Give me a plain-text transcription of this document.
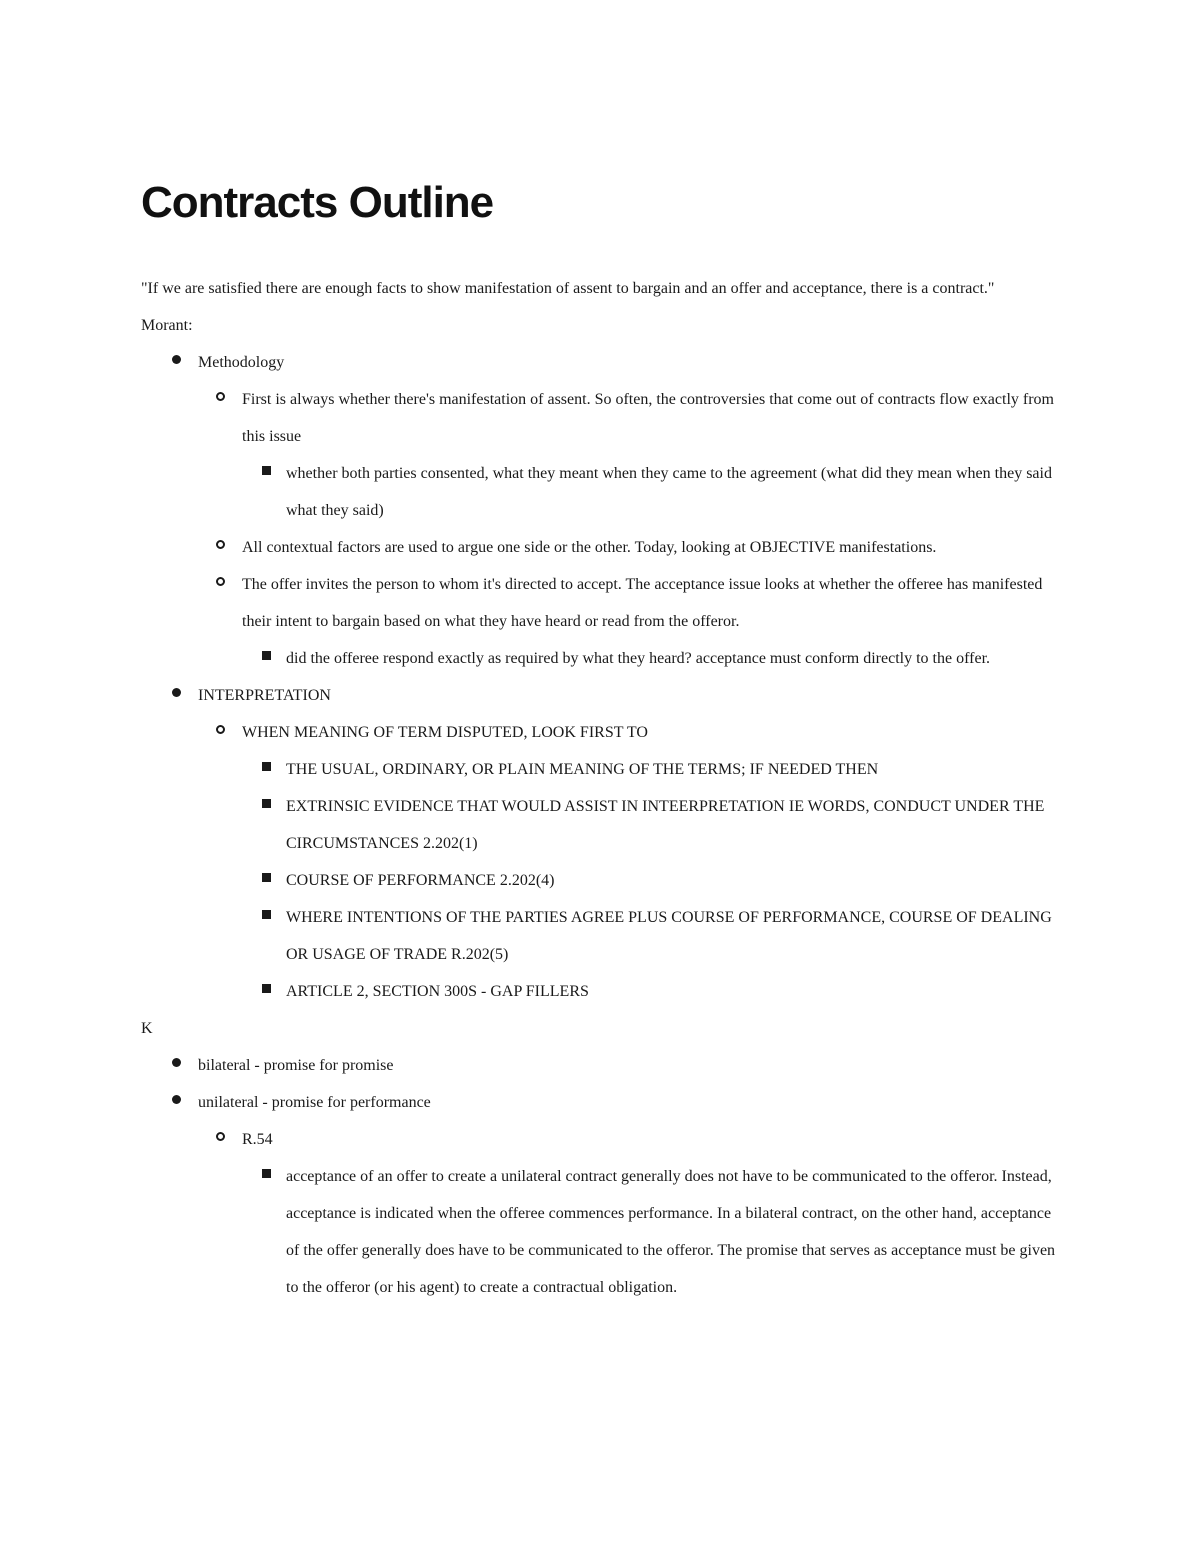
Contracts Outline

"If we are satisfied there are enough facts to show manifestation of assent to bargain and an offer and acceptance, there is a contract."

Morant:

Methodology
First is always whether there's manifestation of assent. So often, the controversies that come out of contracts flow exactly from this issue
whether both parties consented, what they meant when they came to the agreement (what did they mean when they said what they said)
All contextual factors are used to argue one side or the other. Today, looking at OBJECTIVE manifestations.
The offer invites the person to whom it's directed to accept. The acceptance issue looks at whether the offeree has manifested their intent to bargain based on what they have heard or read from the offeror.
did the offeree respond exactly as required by what they heard? acceptance must conform directly to the offer.
INTERPRETATION
WHEN MEANING OF TERM DISPUTED, LOOK FIRST TO
THE USUAL, ORDINARY, OR PLAIN MEANING OF THE TERMS; IF NEEDED THEN
EXTRINSIC EVIDENCE THAT WOULD ASSIST IN INTEERPRETATION IE WORDS, CONDUCT UNDER THE CIRCUMSTANCES 2.202(1)
COURSE OF PERFORMANCE 2.202(4)
WHERE INTENTIONS OF THE PARTIES AGREE PLUS COURSE OF PERFORMANCE, COURSE OF DEALING OR USAGE OF TRADE R.202(5)
ARTICLE 2, SECTION 300S - GAP FILLERS

K

bilateral - promise for promise
unilateral - promise for performance
R.54
acceptance of an offer to create a unilateral contract generally does not have to be communicated to the offeror. Instead, acceptance is indicated when the offeree commences performance. In a bilateral contract, on the other hand, acceptance of the offer generally does have to be communicated to the offeror. The promise that serves as acceptance must be given to the offeror (or his agent) to create a contractual obligation.
